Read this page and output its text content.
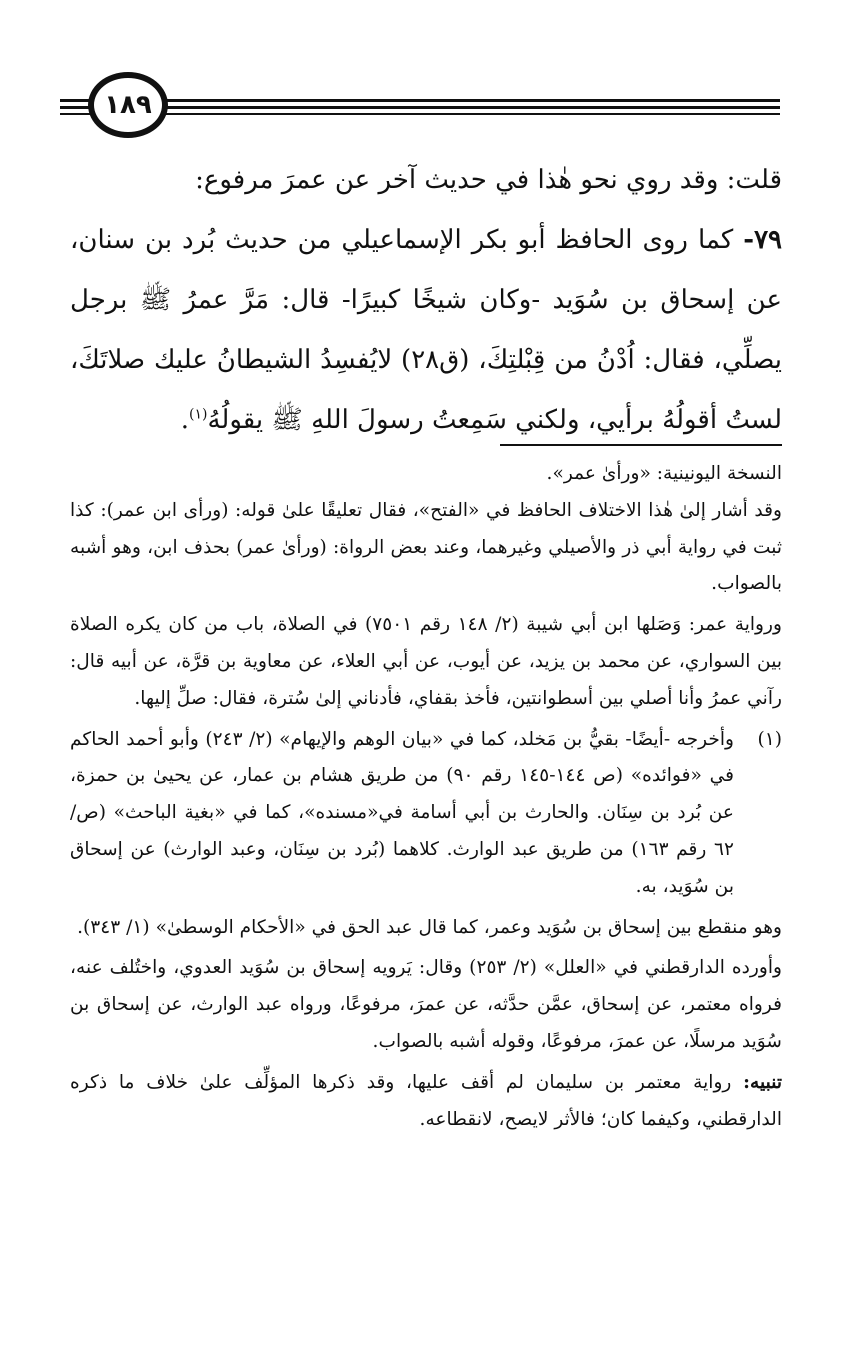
١٨٩

قلت: وقد روي نحو هٰذا في حديث آخر عن عمرَ مرفوع:

٧٩- كما روى الحافظ أبو بكر الإسماعيلي من حديث بُرد بن سنان، عن إسحاق بن سُوَيد -وكان شيخًا كبيرًا- قال: مَرَّ عمرُ ﷺ برجل يصلِّي، فقال: اُدْنُ من قِبْلتِكَ، (ق٢٨) لايُفسِدُ الشيطانُ عليك صلاتَكَ، لستُ أقولُهُ برأيي، ولكني سَمِعتُ رسولَ اللهِ ﷺ يقولُهُ$^{(١)}$.

النسخة اليونينية: «ورأىٰ عمر».

وقد أشار إلىٰ هٰذا الاختلاف الحافظ في «الفتح»، فقال تعليقًا علىٰ قوله: (ورأى ابن عمر): كذا ثبت في رواية أبي ذر والأصيلي وغيرهما، وعند بعض الرواة: (ورأىٰ عمر) بحذف ابن، وهو أشبه بالصواب.

ورواية عمر: وَصَلها ابن أبي شيبة (٢/ ١٤٨ رقم ٧٥٠١) في الصلاة، باب من كان يكره الصلاة بين السواري، عن محمد بن يزيد، عن أيوب، عن أبي العلاء، عن معاوية بن قرَّة، عن أبيه قال: رآني عمرُ وأنا أصلي بين أسطوانتين، فأخذ بقفاي، فأدناني إلىٰ سُترة، فقال: صلِّ إليها.

(١)
وأخرجه -أيضًا- بقيُّ بن مَخلد، كما في «بيان الوهم والإيهام» (٢/ ٢٤٣) وأبو أحمد الحاكم في «فوائده» (ص ١٤٤-١٤٥ رقم ٩٠) من طريق هشام بن عمار، عن يحيىٰ بن حمزة، عن بُرد بن سِنَان. والحارث بن أبي أسامة في«مسنده»، كما في «بغية الباحث» (ص/ ٦٢ رقم ١٦٣) من طريق عبد الوارث. كلاهما (بُرد بن سِنَان، وعبد الوارث) عن إسحاق بن سُوَيد، به.

وهو منقطع بين إسحاق بن سُوَيد وعمر، كما قال عبد الحق في «الأحكام الوسطىٰ» (١/ ٣٤٣).

وأورده الدارقطني في «العلل» (٢/ ٢٥٣) وقال: يَرويه إسحاق بن سُوَيد العدوي، واختُلف عنه، فرواه معتمر، عن إسحاق، عمَّن حدَّثه، عن عمرَ، مرفوعًا، ورواه عبد الوارث، عن إسحاق بن سُوَيد مرسلًا، عن عمرَ، مرفوعًا، وقوله أشبه بالصواب.

تنبيه: رواية معتمر بن سليمان لم أقف عليها، وقد ذكرها المؤلِّف علىٰ خلاف ما ذكره الدارقطني، وكيفما كان؛ فالأثر لايصح، لانقطاعه.
